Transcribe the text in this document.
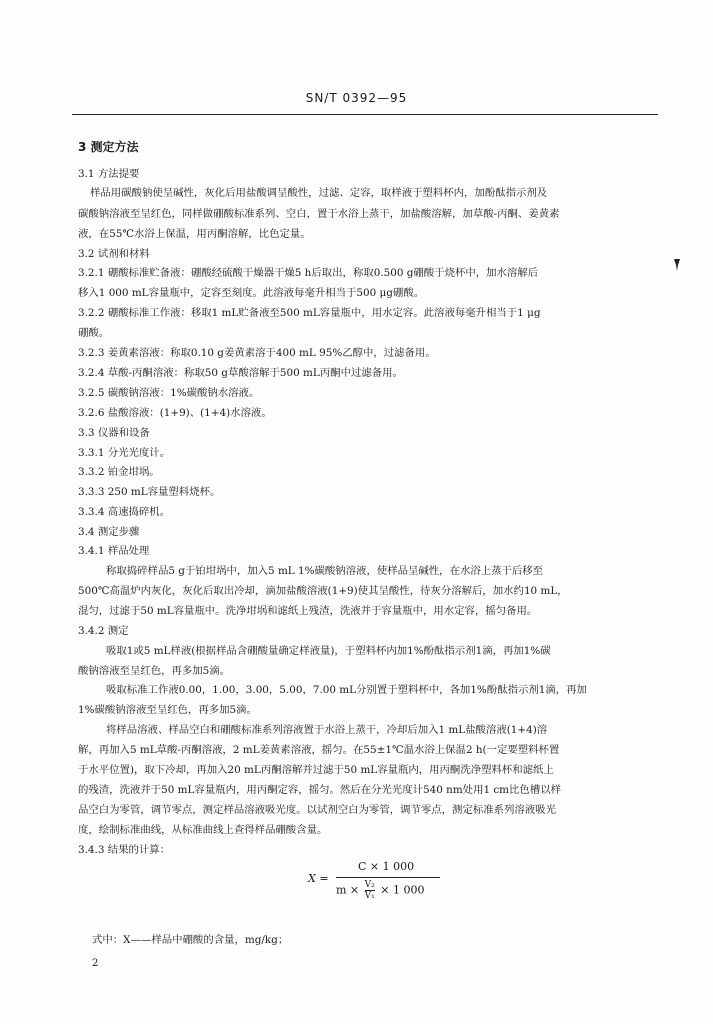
SN/T 0392—95
3 测定方法
3.1 方法提要
样品用碳酸钠使呈碱性，灰化后用盐酸调呈酸性，过滤、定容，取样液于塑料杯内，加酚酞指示剂及
碳酸钠溶液至呈红色，同样做硼酸标准系列、空白，置于水浴上蒸干，加盐酸溶解，加草酸-丙酮、姜黄素
液，在55℃水浴上保温，用丙酮溶解，比色定量。
3.2 试剂和材料
3.2.1 硼酸标准贮备液：硼酸经硫酸干燥器干燥5 h后取出，称取0.500 g硼酸于烧杯中，加水溶解后
移入1 000 mL容量瓶中，定容至刻度。此溶液每毫升相当于500 μg硼酸。
3.2.2 硼酸标准工作液：移取1 mL贮备液至500 mL容量瓶中，用水定容。此溶液每毫升相当于1 μg
硼酸。
3.2.3 姜黄素溶液：称取0.10 g姜黄素溶于400 mL 95%乙醇中，过滤备用。
3.2.4 草酸-丙酮溶液：称取50 g草酸溶解于500 mL丙酮中过滤备用。
3.2.5 碳酸钠溶液：1%碳酸钠水溶液。
3.2.6 盐酸溶液：(1+9)、(1+4)水溶液。
3.3 仪器和设备
3.3.1 分光光度计。
3.3.2 铂金坩埚。
3.3.3 250 mL容量塑料烧杯。
3.3.4 高速捣碎机。
3.4 测定步骤
3.4.1 样品处理
称取捣碎样品5 g于铂坩埚中，加入5 mL 1%碳酸钠溶液，使样品呈碱性，在水浴上蒸干后移至
500℃高温炉内灰化，灰化后取出冷却，滴加盐酸溶液(1+9)使其呈酸性，待灰分溶解后，加水约10 mL，
混匀，过滤于50 mL容量瓶中。洗净坩埚和滤纸上残渣，洗液并于容量瓶中，用水定容，摇匀备用。
3.4.2 测定
吸取1或5 mL样液(根据样品含硼酸量确定样液量)，于塑料杯内加1%酚酞指示剂1滴，再加1%碳
酸钠溶液至呈红色，再多加5滴。
吸取标准工作液0.00，1.00，3.00，5.00，7.00 mL分别置于塑料杯中，各加1%酚酞指示剂1滴，再加
1%碳酸钠溶液至呈红色，再多加5滴。
将样品溶液、样品空白和硼酸标准系列溶液置于水浴上蒸干，冷却后加入1 mL盐酸溶液(1+4)溶
解，再加入5 mL草酸-丙酮溶液，2 mL姜黄素溶液，摇匀。在55±1℃温水浴上保温2 h(一定要塑料杯置
于水平位置)，取下冷却，再加入20 mL丙酮溶解并过滤于50 mL容量瓶内，用丙酮洗净塑料杯和滤纸上
的残渣，洗液并于50 mL容量瓶内，用丙酮定容，摇匀。然后在分光光度计540 nm处用1 cm比色槽以样
品空白为零管，调节零点，测定样品溶液吸光度。以试剂空白为零管，调节零点，测定标准系列溶液吸光
度，绘制标准曲线，从标准曲线上查得样品硼酸含量。
3.4.3 结果的计算：
X =
C × 1 000
$m \times \frac{\text{V₂}}{\text{V₁}} \times 1$ 000
式中：X——样品中硼酸的含量，mg/kg；
2
